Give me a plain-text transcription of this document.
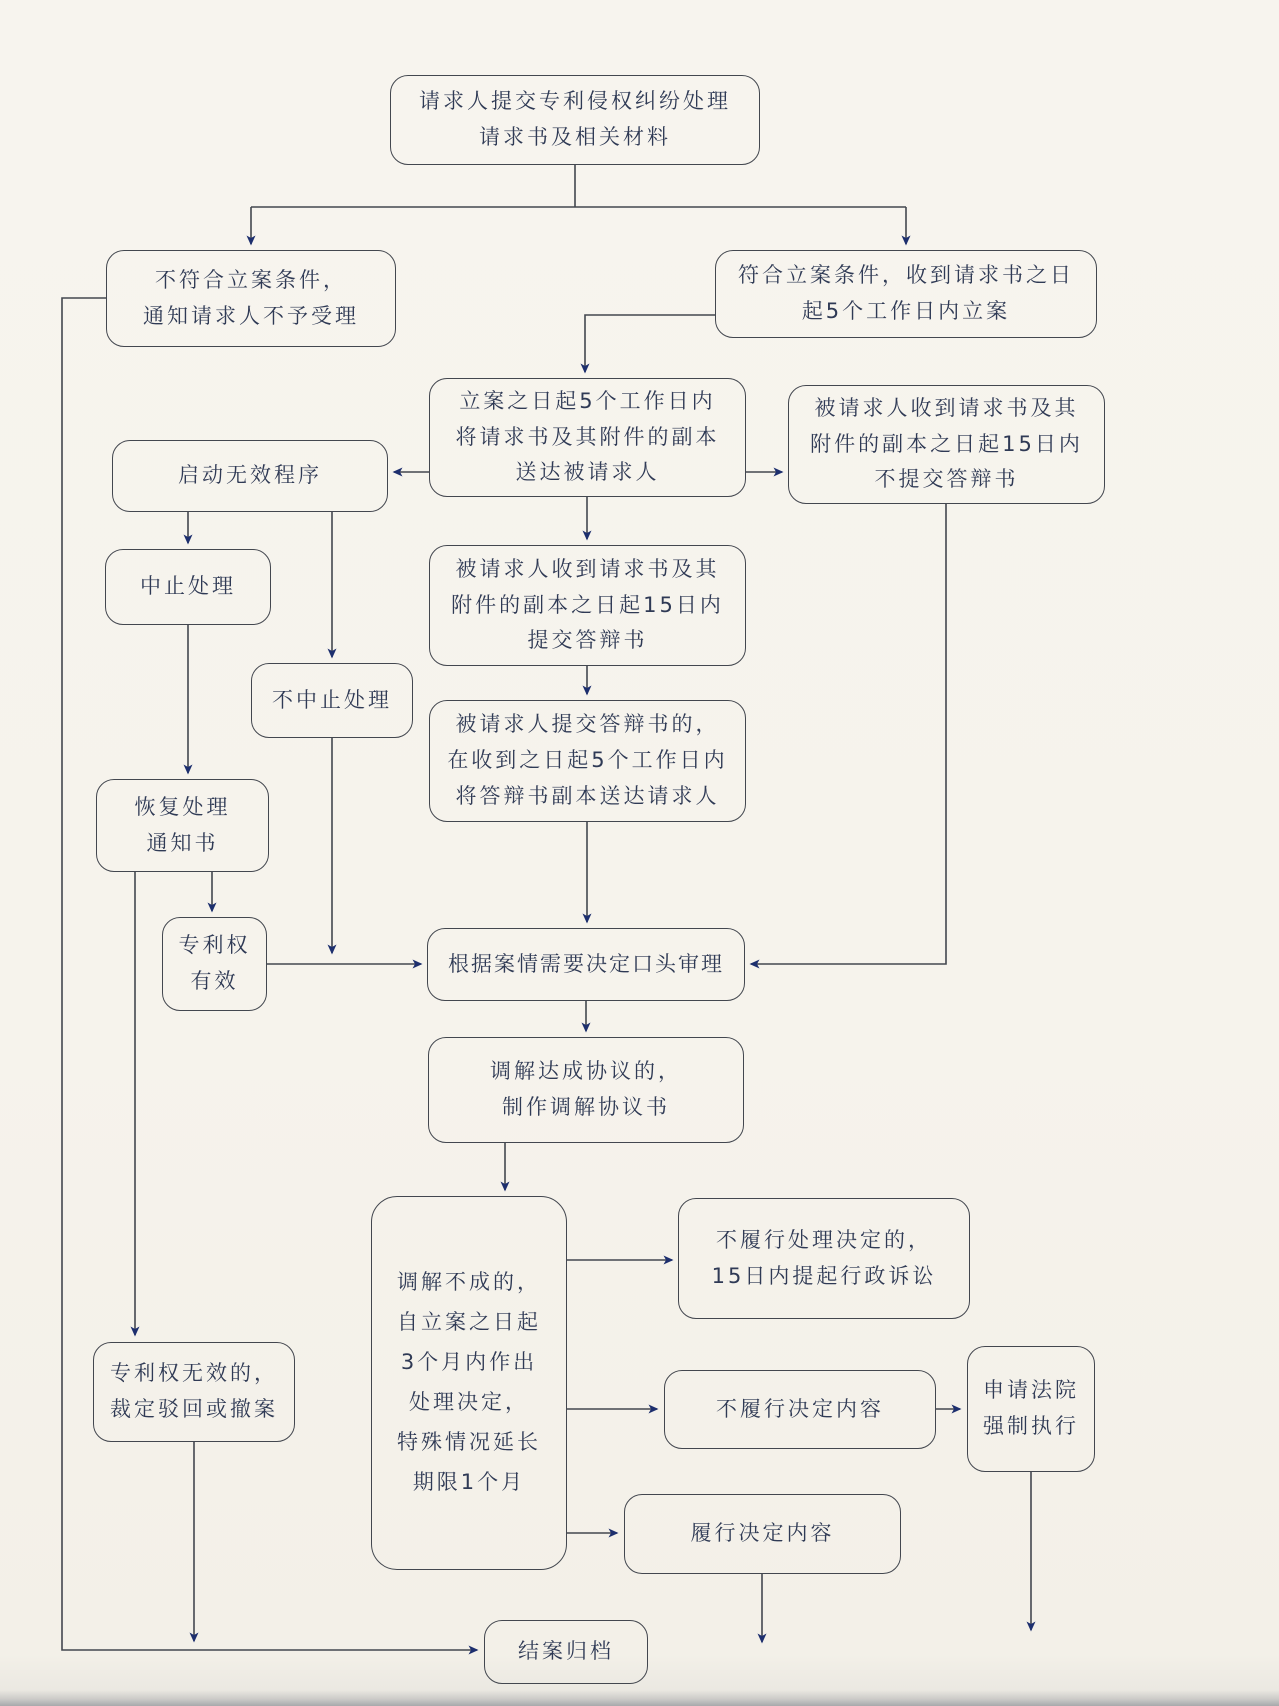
请求人提交专利侵权纠纷处理
请求书及相关材料
不符合立案条件，
通知请求人不予受理
符合立案条件，收到请求书之日
起5个工作日内立案
立案之日起5个工作日内
将请求书及其附件的副本
送达被请求人
被请求人收到请求书及其
附件的副本之日起15日内
不提交答辩书
启动无效程序
中止处理
不中止处理
恢复处理
通知书
被请求人收到请求书及其
附件的副本之日起15日内
提交答辩书
被请求人提交答辩书的，
在收到之日起5个工作日内
将答辩书副本送达请求人
专利权
有效
根据案情需要决定口头审理
调解达成协议的，
制作调解协议书
调解不成的，
自立案之日起
3个月内作出
处理决定，
特殊情况延长
期限1个月
不履行处理决定的，
15日内提起行政诉讼
不履行决定内容
申请法院
强制执行
履行决定内容
专利权无效的，
裁定驳回或撤案
结案归档
